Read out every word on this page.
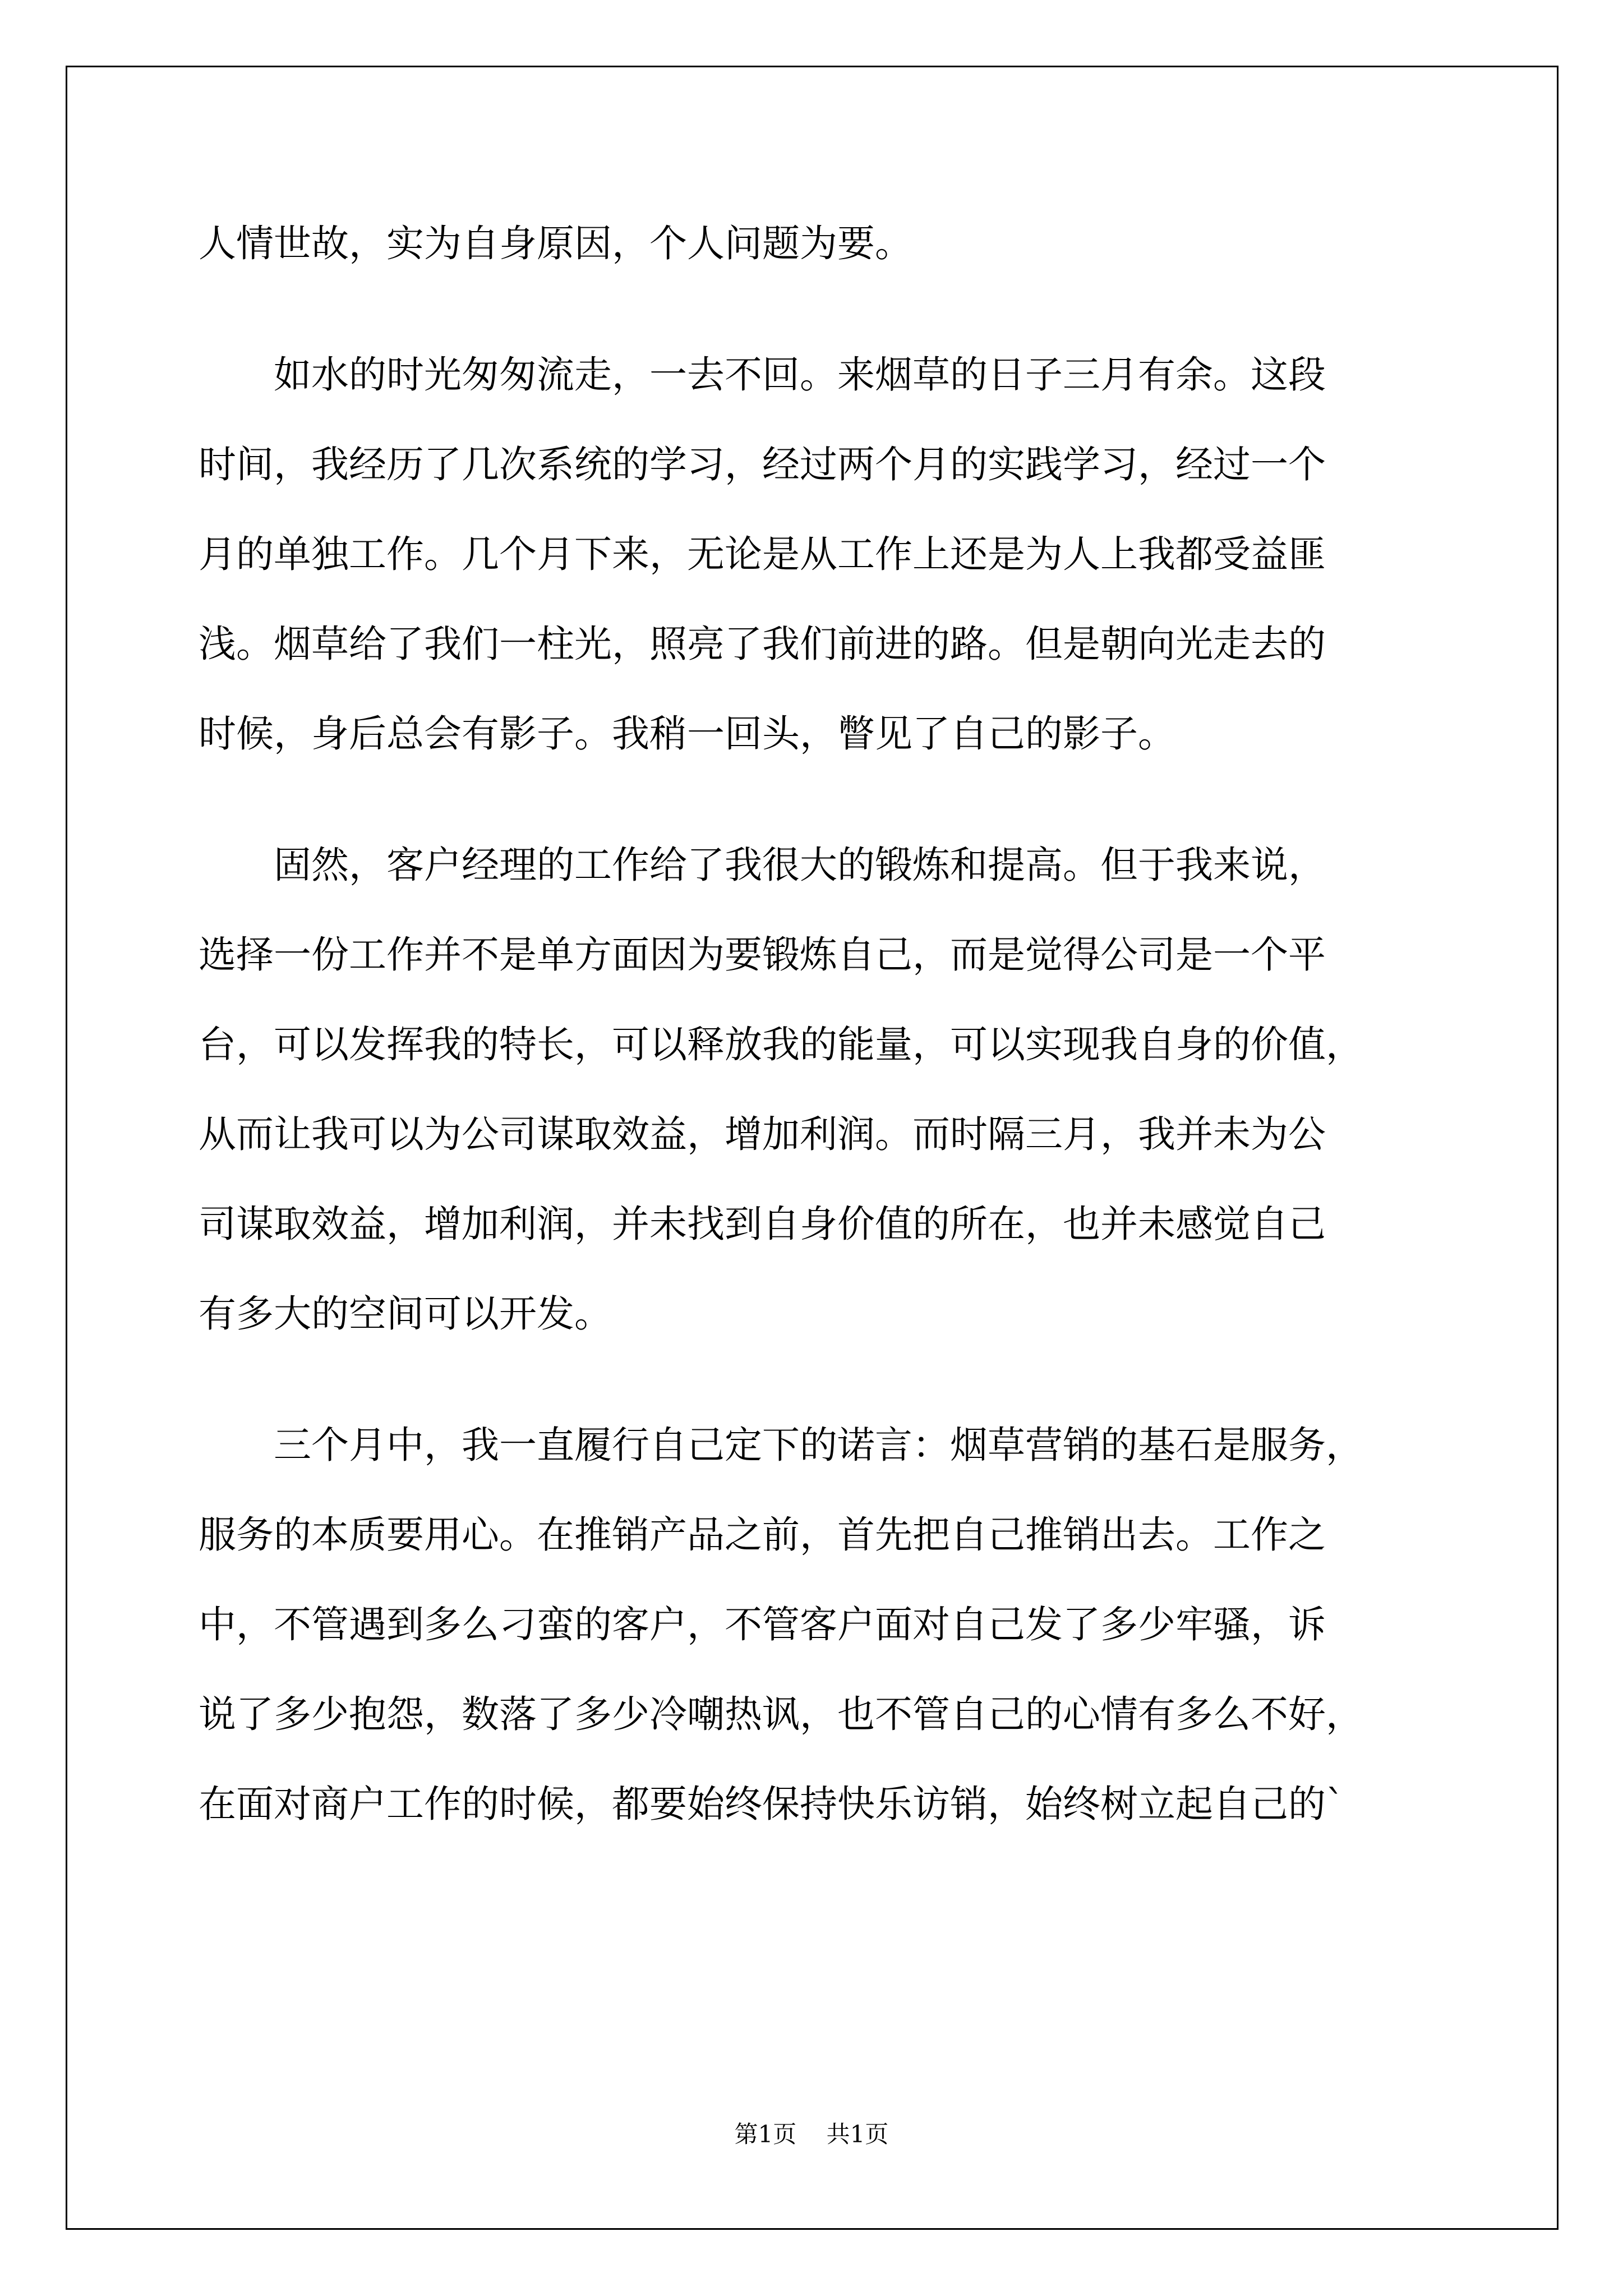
人情世故，实为自身原因，个人问题为要。
　　如水的时光匆匆流走，一去不回。来烟草的日子三月有余。这段
时间，我经历了几次系统的学习，经过两个月的实践学习，经过一个
月的单独工作。几个月下来，无论是从工作上还是为人上我都受益匪
浅。烟草给了我们一柱光，照亮了我们前进的路。但是朝向光走去的
时候，身后总会有影子。我稍一回头，瞥见了自己的影子。
　　固然，客户经理的工作给了我很大的锻炼和提高。但于我来说，
选择一份工作并不是单方面因为要锻炼自己，而是觉得公司是一个平
台，可以发挥我的特长，可以释放我的能量，可以实现我自身的价值，
从而让我可以为公司谋取效益，增加利润。而时隔三月，我并未为公
司谋取效益，增加利润，并未找到自身价值的所在，也并未感觉自己
有多大的空间可以开发。
　　三个月中，我一直履行自己定下的诺言：烟草营销的基石是服务，
服务的本质要用心。在推销产品之前，首先把自己推销出去。工作之
中，不管遇到多么刁蛮的客户，不管客户面对自己发了多少牢骚，诉
说了多少抱怨，数落了多少冷嘲热讽，也不管自己的心情有多么不好，
在面对商户工作的时候，都要始终保持快乐访销，始终树立起自己的`
第1页 共1页
